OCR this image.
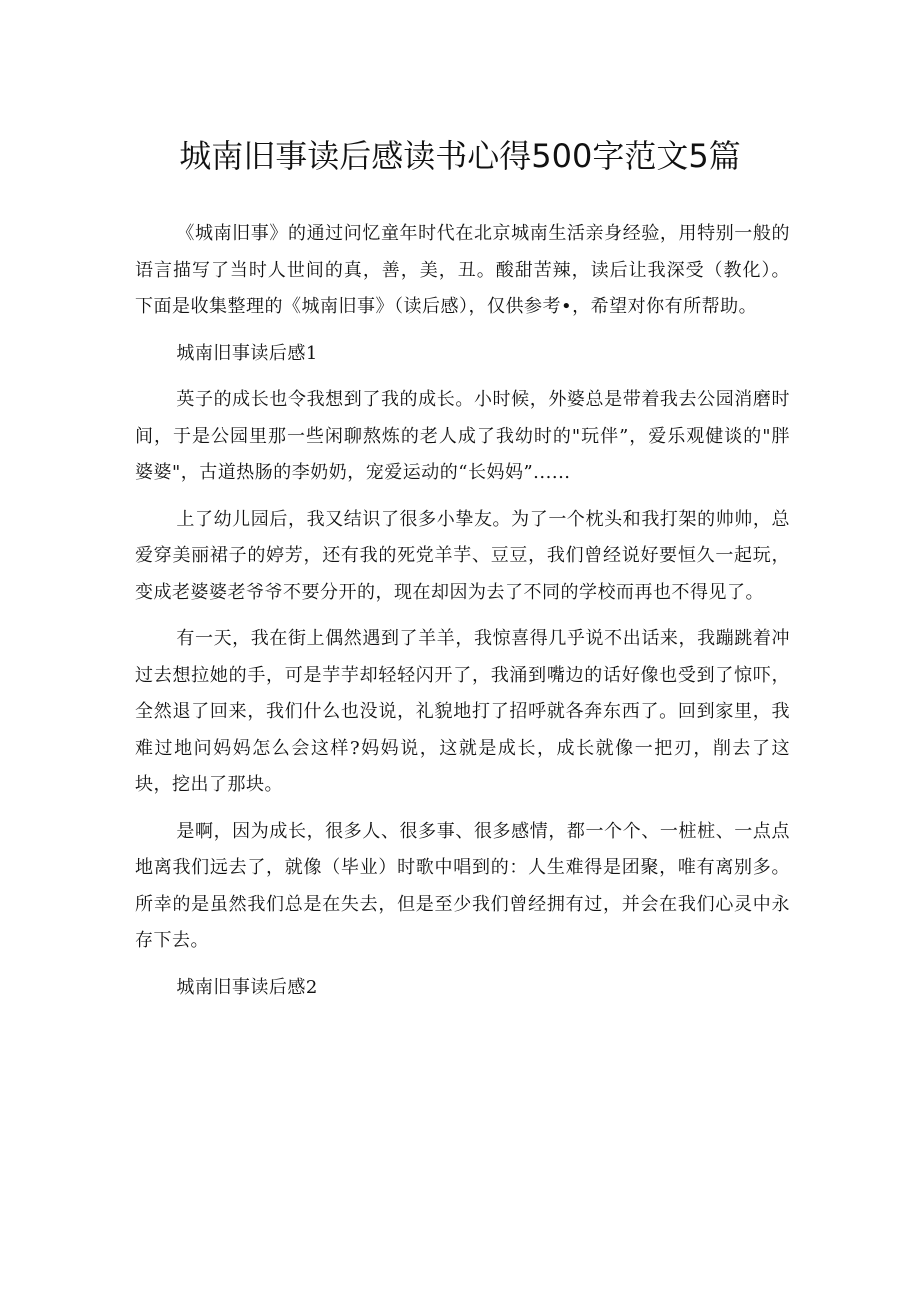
城南旧事读后感读书心得500字范文5篇

《城南旧事》的通过问忆童年时代在北京城南生活亲身经验，用特别一般的语言描写了当时人世间的真，善，美，丑。酸甜苦辣，读后让我深受（教化）。下面是收集整理的《城南旧事》（读后感），仅供参考•，希望对你有所帮助。

城南旧事读后感1

英子的成长也令我想到了我的成长。小时候，外婆总是带着我去公园消磨时间，于是公园里那一些闲聊熬炼的老人成了我幼时的"玩伴”，爱乐观健谈的"胖婆婆"，古道热肠的李奶奶，宠爱运动的“长妈妈”......

上了幼儿园后，我又结识了很多小挚友。为了一个枕头和我打架的帅帅，总爱穿美丽裙子的婷芳，还有我的死党羊芋、豆豆，我们曾经说好要恒久一起玩，变成老婆婆老爷爷不要分开的，现在却因为去了不同的学校而再也不得见了。

有一天，我在街上偶然遇到了羊羊，我惊喜得几乎说不出话来，我蹦跳着冲过去想拉她的手，可是芋芋却轻轻闪开了，我涌到嘴边的话好像也受到了惊吓，全然退了回来，我们什么也没说，礼貌地打了招呼就各奔东西了。回到家里，我难过地问妈妈怎么会这样?妈妈说，这就是成长，成长就像一把刃，削去了这块，挖出了那块。

是啊，因为成长，很多人、很多事、很多感情，都一个个、一桩桩、一点点地离我们远去了，就像（毕业）时歌中唱到的：人生难得是团聚，唯有离别多。所幸的是虽然我们总是在失去，但是至少我们曾经拥有过，并会在我们心灵中永存下去。

城南旧事读后感2
